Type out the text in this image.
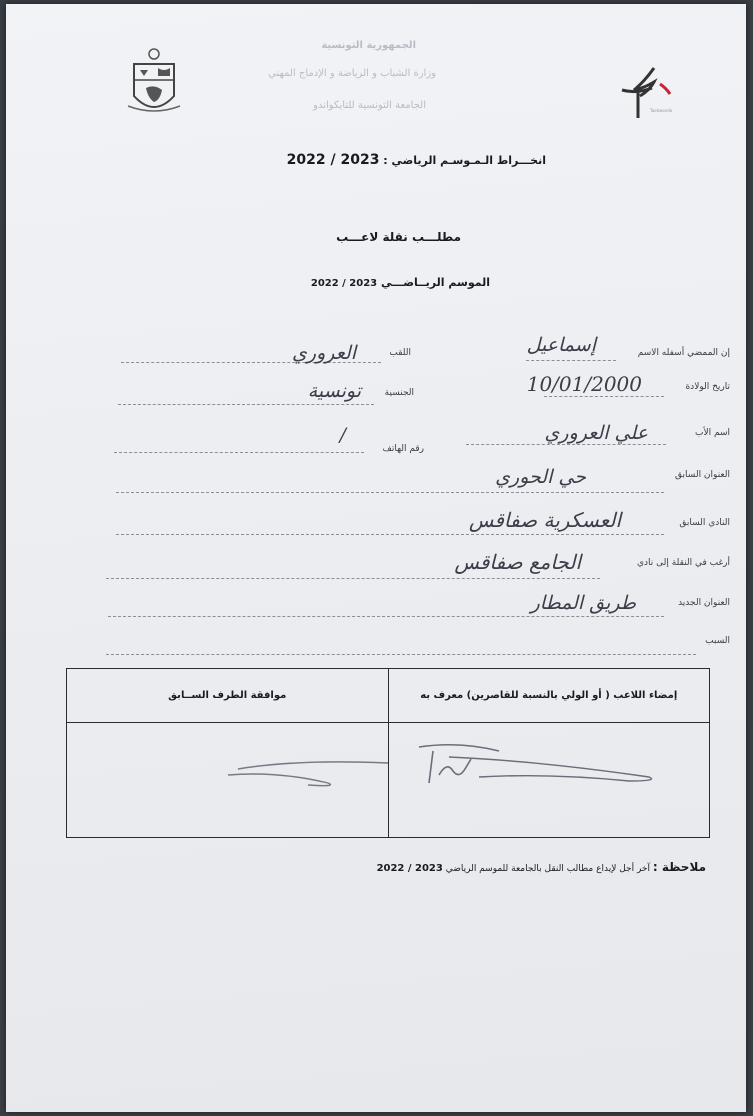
الجمهورية التونسية
وزارة الشباب و الرياضة و الإدماج المهني
الجامعة التونسية للتايكواندو	Taekwondo
انخـــراط الـمـوسـم الرياضي : 2022 / 2023
مطلـــب نقلة لاعـــب
الموسم الريــاضـــي 2022 / 2023
إن الممضي أسفله الاسم
إسماعيل
اللقب
العروري
تاريخ الولادة
10/01/2000
الجنسية
تونسية
اسم الأب
علي العروري
رقم الهاتف
/
العنوان السابق
حي الحوري
النادي السابق
العسكرية صفاقس
أرغب في النقلة إلى نادي
الجامع صفاقس
العنوان الجديد
طريق المطار
السبب
إمضاء اللاعب ( أو الولي بالنسبة للقاصرين) معرف به	موافقة الطرف الســابق

ملاحظة : آخر أجل لإيداع مطالب النقل بالجامعة للموسم الرياضي 2022 / 2023
